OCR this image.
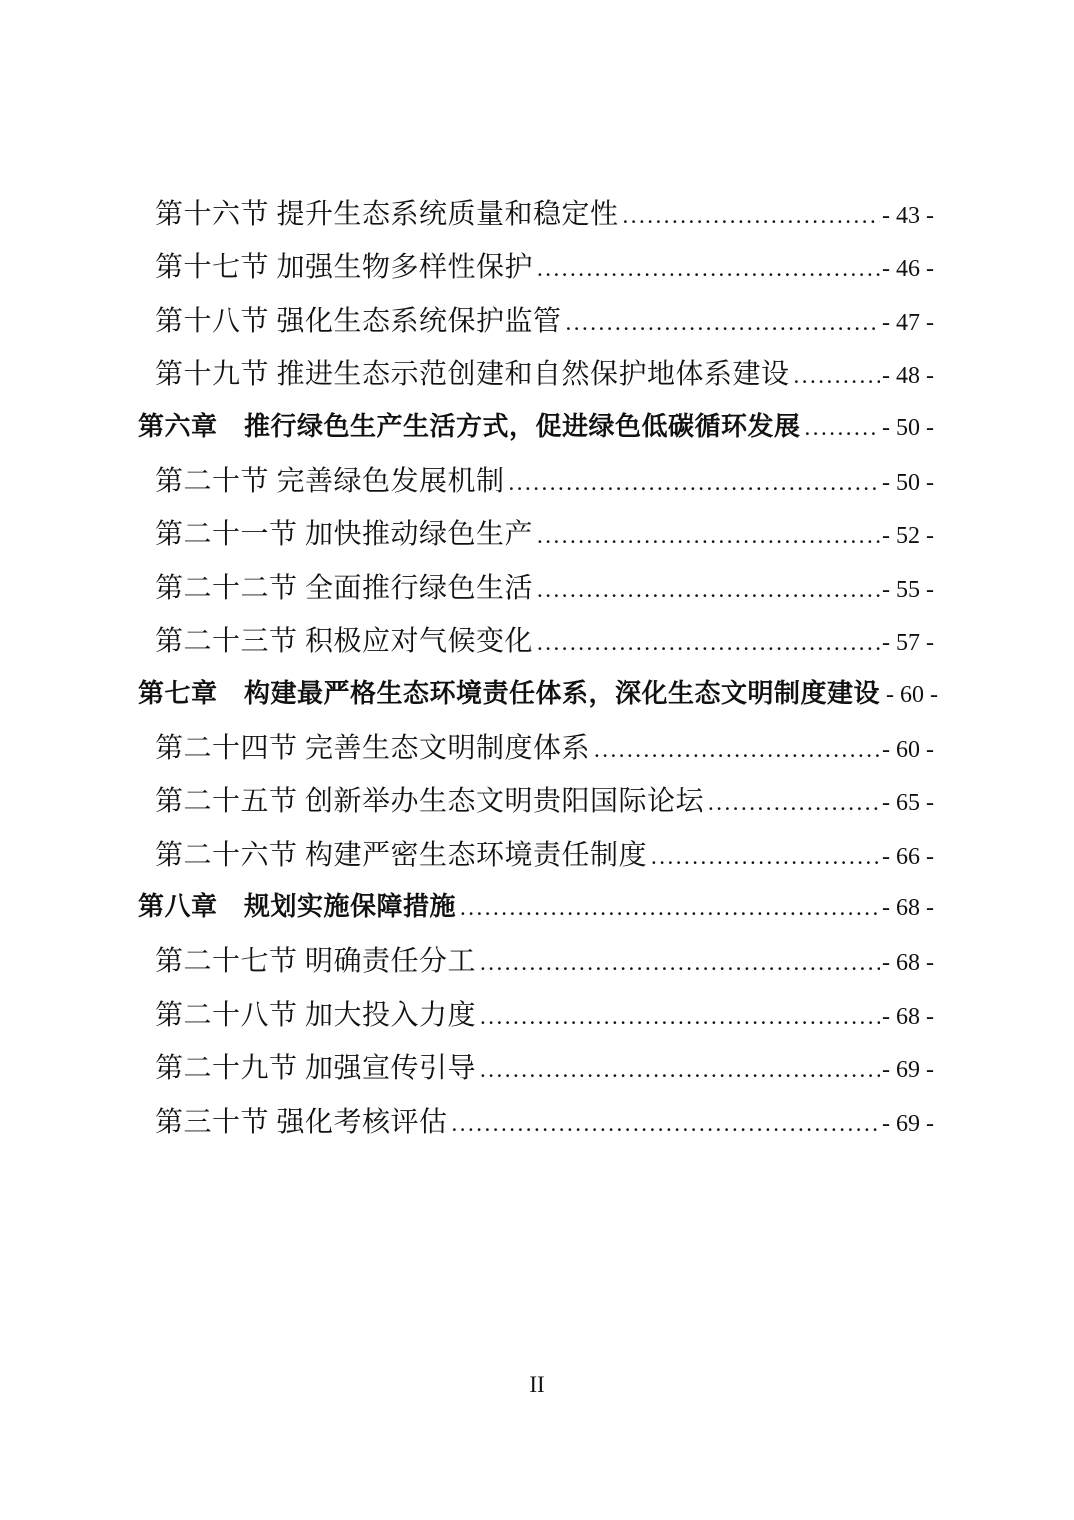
第十六节 提升生态系统质量和稳定性 .....	- 43 -
第十七节 加强生物多样性保护 .....	- 46 -
第十八节 强化生态系统保护监管 .....	- 47 -
第十九节 推进生态示范创建和自然保护地体系建设 .....	- 48 -
第六章　推行绿色生产生活方式，促进绿色低碳循环发展 .....	- 50 -
第二十节 完善绿色发展机制 .....	- 50 -
第二十一节 加快推动绿色生产 .....	- 52 -
第二十二节 全面推行绿色生活 .....	- 55 -
第二十三节 积极应对气候变化 .....	- 57 -
第七章　构建最严格生态环境责任体系，深化生态文明制度建设 - 60 -
第二十四节 完善生态文明制度体系 .....	- 60 -
第二十五节 创新举办生态文明贵阳国际论坛 .....	- 65 -
第二十六节 构建严密生态环境责任制度 .....	- 66 -
第八章　规划实施保障措施 .....	- 68 -
第二十七节 明确责任分工 .....	- 68 -
第二十八节 加大投入力度 .....	- 68 -
第二十九节 加强宣传引导 .....	- 69 -
第三十节 强化考核评估 .....	- 69 -
II
